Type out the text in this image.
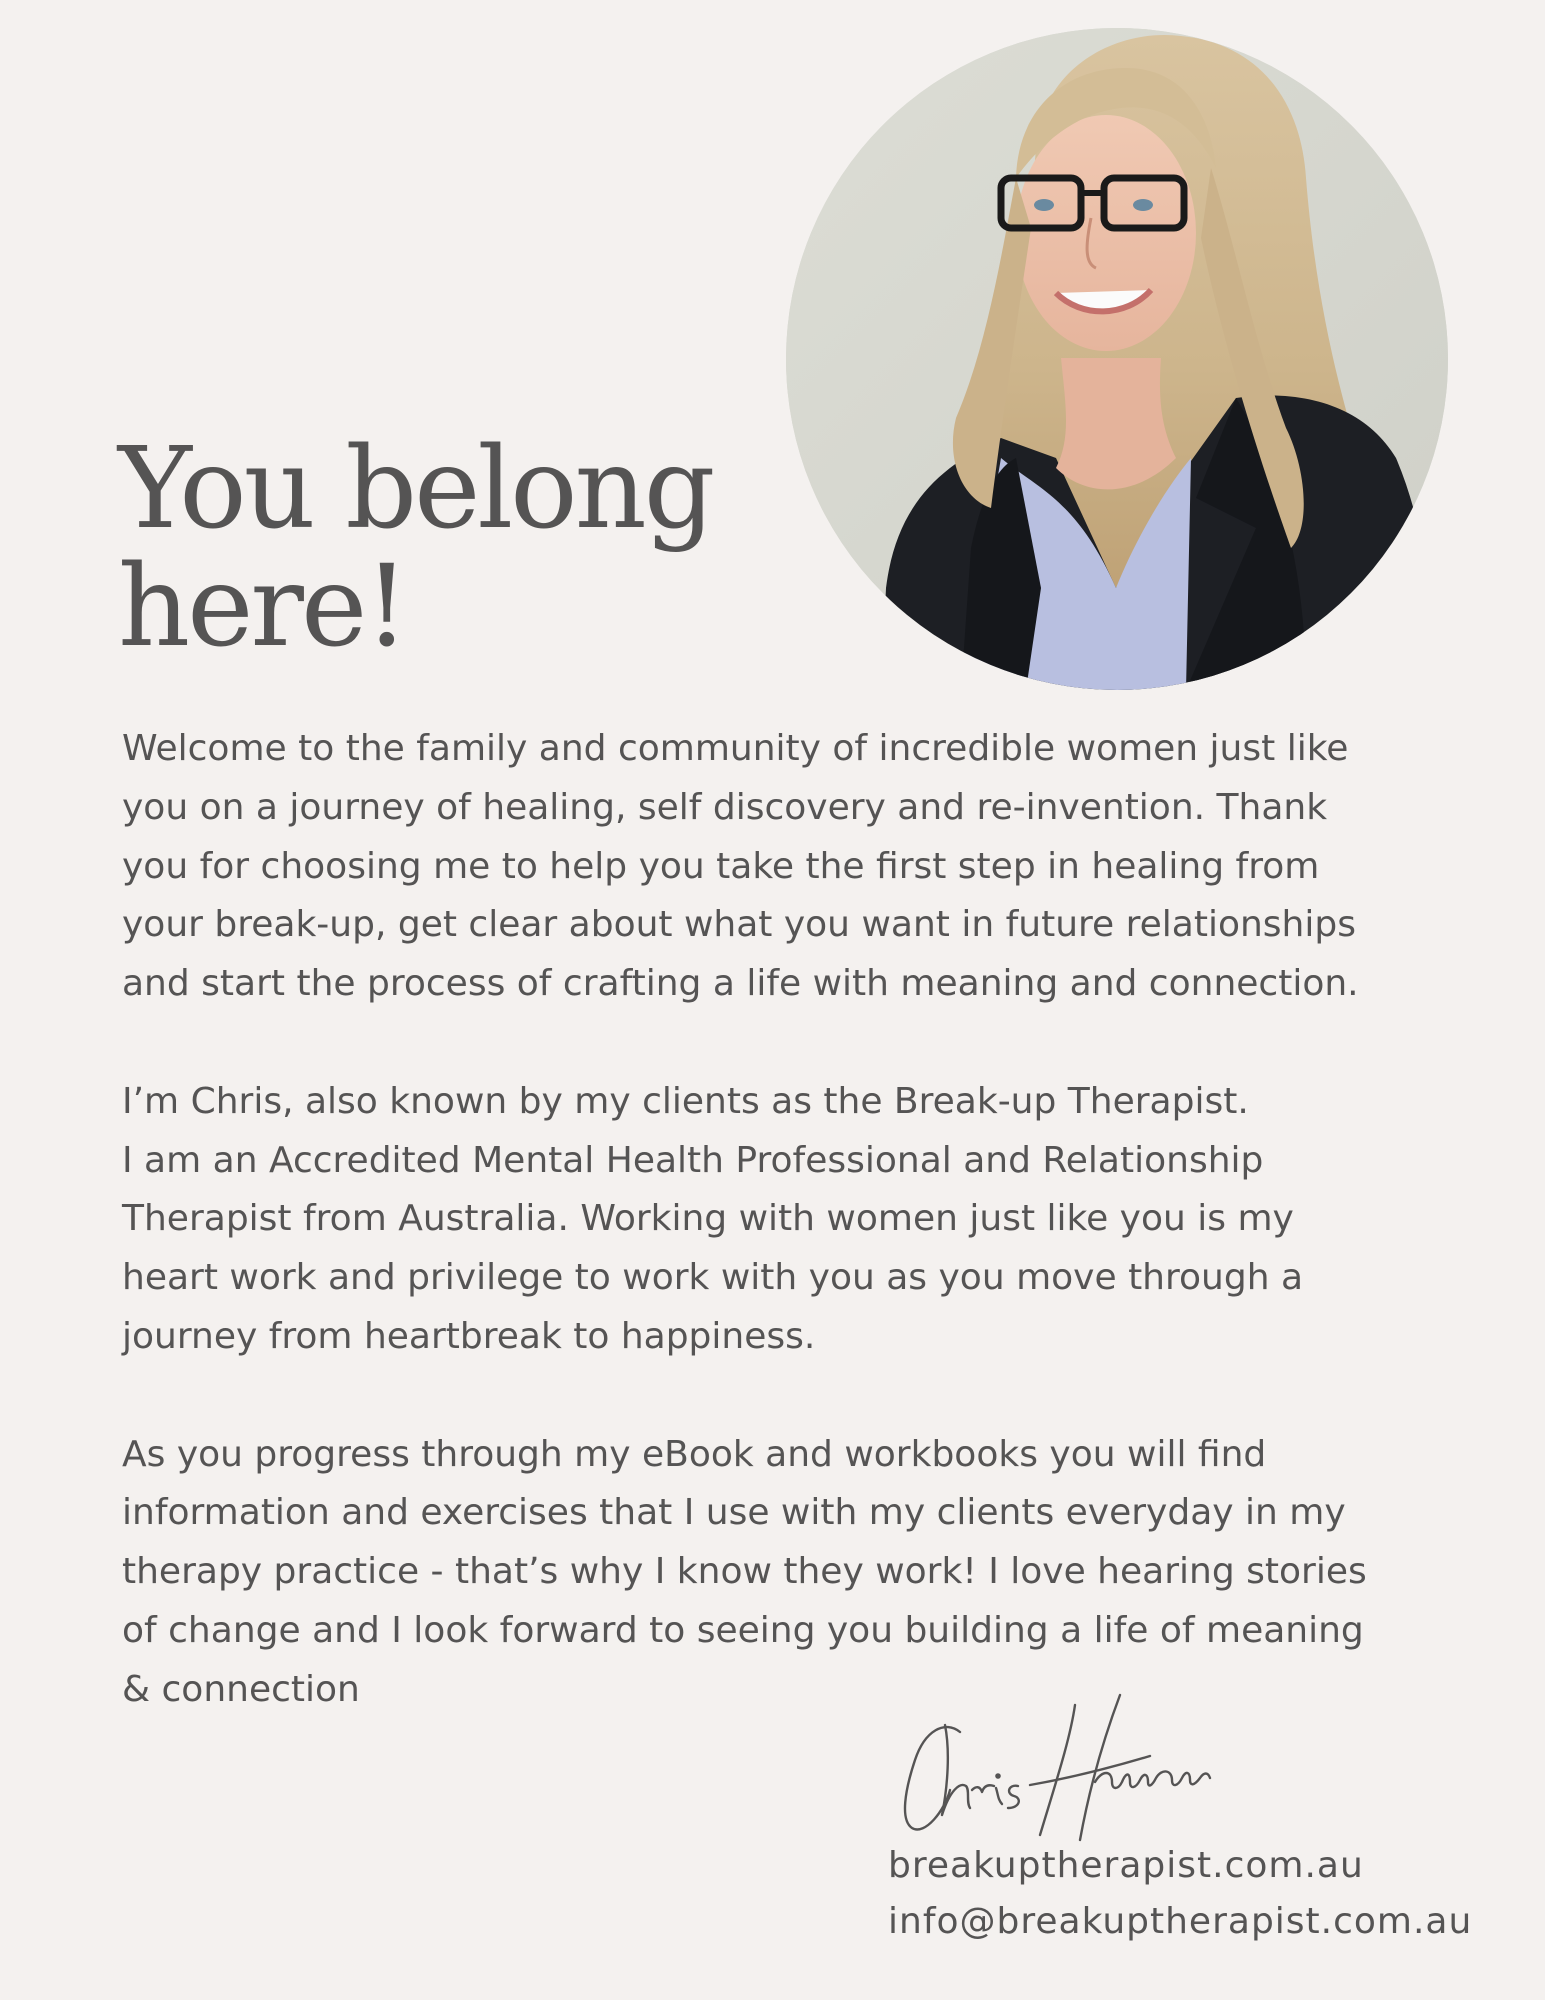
You belong
here!

Welcome to the family and community of incredible women just like
you on a journey of healing, self discovery and re-invention. Thank
you for choosing me to help you take the first step in healing from
your break-up, get clear about what you want in future relationships
and start the process of crafting a life with meaning and connection.

I’m Chris, also known by my clients as the Break-up Therapist.
I am an Accredited Mental Health Professional and Relationship
Therapist from Australia. Working with women just like you is my
heart work and privilege to work with you as you move through a
journey from heartbreak to happiness.

As you progress through my eBook and workbooks you will find
information and exercises that I use with my clients everyday in my
therapy practice - that’s why I know they work! I love hearing stories
of change and I look forward to seeing you building a life of meaning
& connection

breakuptherapist.com.au
info@breakuptherapist.com.au
